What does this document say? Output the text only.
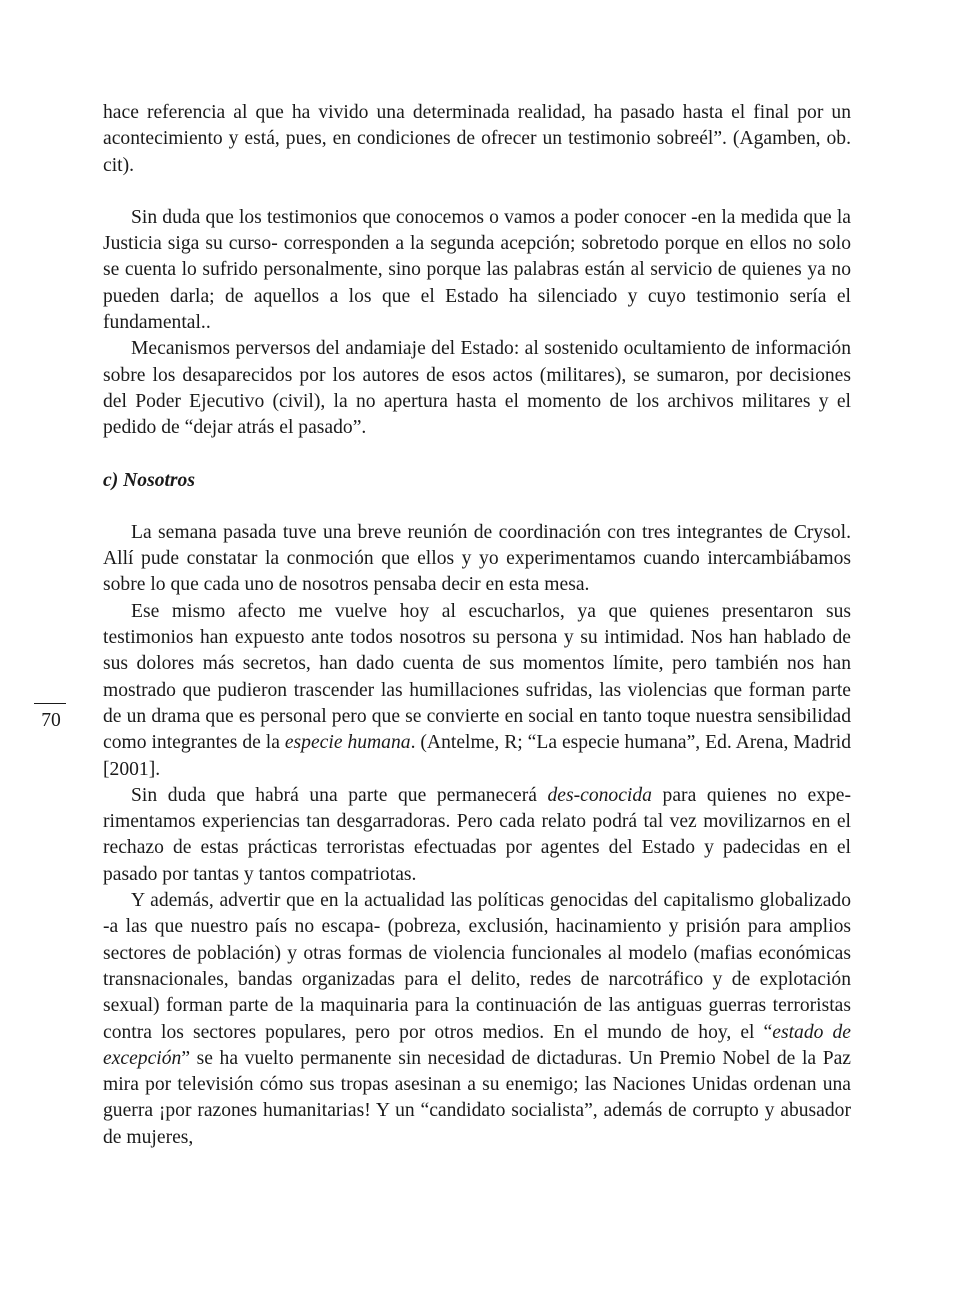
hace referencia al que ha vivido una determinada realidad, ha pasado hasta el final por un acontecimiento y está, pues, en condiciones de ofrecer un testimonio sobreél”. (Agamben, ob. cit).

Sin duda que los testimonios que conocemos o vamos a poder conocer -en la medida que la Justicia siga su curso- corresponden a la segunda acepción; sobretodo porque en ellos no solo se cuenta lo sufrido personalmente, sino porque las palabras están al servicio de quienes ya no pueden darla; de aquellos a los que el Estado ha silenciado y cuyo testimonio sería el fundamental..

Mecanismos perversos del andamiaje del Estado: al sostenido ocultamiento de información sobre los desaparecidos por los autores de esos actos (militares), se sumaron, por decisiones del Poder Ejecutivo (civil), la no apertura hasta el momento de los archivos militares y el pedido de “dejar atrás el pasado”.

c) Nosotros

La semana pasada tuve una breve reunión de coordinación con tres integrantes de Crysol. Allí pude constatar la conmoción que ellos y yo experimentamos cuando intercambiábamos sobre lo que cada uno de nosotros pensaba decir en esta mesa.

Ese mismo afecto me vuelve hoy al escucharlos, ya que quienes presentaron sus testimonios han expuesto ante todos nosotros su persona y su intimidad. Nos han hablado de sus dolores más secretos, han dado cuenta de sus momentos límite, pero también nos han mostrado que pudieron trascender las humillaciones sufridas, las violencias que forman parte de un drama que es personal pero que se convierte en social en tanto toque nuestra sensibilidad como integrantes de la especie humana. (Antelme, R; “La especie humana”, Ed. Arena, Madrid [2001].

Sin duda que habrá una parte que permanecerá des-conocida para quienes no experimentamos experiencias tan desgarradoras. Pero cada relato podrá tal vez movilizarnos en el rechazo de estas prácticas terroristas efectuadas por agentes del Estado y padecidas en el pasado por tantas y tantos compatriotas.

Y además, advertir que en la actualidad las políticas genocidas del capitalismo globalizado -a las que nuestro país no escapa- (pobreza, exclusión, hacinamiento y prisión para amplios sectores de población) y otras formas de violencia funcionales al modelo (mafias económicas transnacionales, bandas organizadas para el delito, redes de narcotráfico y de explotación sexual) forman parte de la maquinaria para la continuación de las antiguas guerras terroristas contra los sectores populares, pero por otros medios. En el mundo de hoy, el “estado de excepción” se ha vuelto permanente sin necesidad de dictaduras. Un Premio Nobel de la Paz mira por televisión cómo sus tropas asesinan a su enemigo; las Naciones Unidas ordenan una guerra ¡por razones humanitarias! Y un “candidato socialista”, además de corrupto y abusador de mujeres,

70
